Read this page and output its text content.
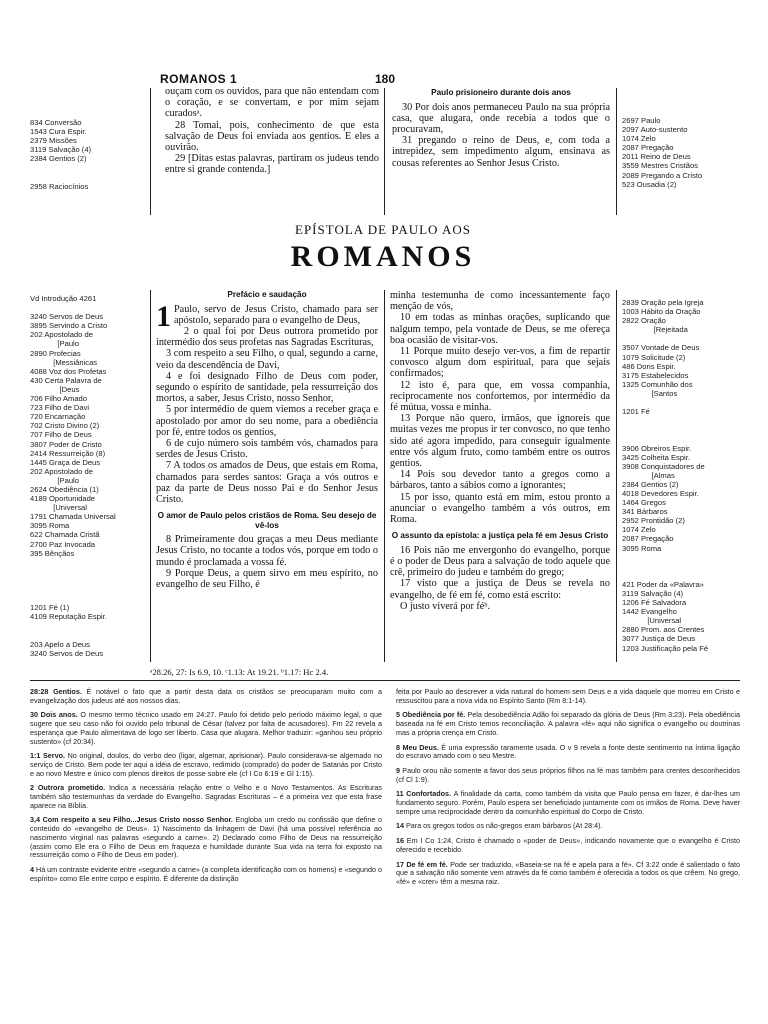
ROMANOS 1	180
834 Conversão
1543 Cura Espir.
2379 Missões
3119 Salvação (4)
2384 Gentios (2)
2958 Raciocínios

ouçam com os ouvidos, para que não entendam com o coração, e se convertam, e por mim sejam curadosᵃ.

28 Tomai, pois, conhecimento de que esta salvação de Deus foi enviada aos gentios. E eles a ouvirão.

29 [Ditas estas palavras, partiram os judeus tendo entre si grande contenda.]

Paulo prisioneiro durante dois anos

30 Por dois anos permaneceu Paulo na sua própria casa, que alugara, onde recebia a todos que o procuravam,

31 pregando o reino de Deus, e, com toda a intrepidez, sem impedimento algum, ensinava as cousas referentes ao Senhor Jesus Cristo.

2697 Paulo
2097 Auto-sustento
1074 Zelo
2087 Pregação
2011 Reino de Deus
3559 Mestres Cristãos
2089 Pregando a Cristo
523 Ousadia (2)
EPÍSTOLA DE PAULO AOS
ROMANOS
Vd Introdução 4261
3240 Servos de Deus
3895 Servindo a Cristo
202 Apostolado de
[Paulo
2890 Profecias
[Messiânicas
4088 Voz dos Profetas
430 Certa Palavra de
[Deus
706 Filho Amado
723 Filho de Davi
720 Encarnação
702 Cristo Divino (2)
707 Filho de Deus
3807 Poder de Cristo
2414 Ressurreição (8)
1445 Graça de Deus
202 Apostolado de
[Paulo
2624 Obediência (1)
4189 Oportunidade
[Universal
1791 Chamada Universal
3095 Roma
622 Chamada Cristã
2700 Paz Invocada
395 Bênçãos
1201 Fé (1)
4109 Reputação Espir.
203 Apelo a Deus
3240 Servos de Deus
Prefácio e saudação

1 Paulo, servo de Jesus Cristo, chamado para ser apóstolo, separado para o evangelho de Deus,

2 o qual foi por Deus outrora prometido por intermédio dos seus profetas nas Sagradas Escrituras,

3 com respeito a seu Filho, o qual, segundo a carne, veio da descendência de Davi,

4 e foi designado Filho de Deus com poder, segundo o espírito de santidade, pela ressurreição dos mortos, a saber, Jesus Cristo, nosso Senhor,

5 por intermédio de quem viemos a receber graça e apostolado por amor do seu nome, para a obediência por fé, entre todos os gentios,

6 de cujo número sois também vós, chamados para serdes de Jesus Cristo.

7 A todos os amados de Deus, que estais em Roma, chamados para serdes santos: Graça a vós outros e paz da parte de Deus nosso Pai e do Senhor Jesus Cristo.

O amor de Paulo pelos cristãos de Roma. Seu desejo de vê-los

8 Primeiramente dou graças a meu Deus mediante Jesus Cristo, no tocante a todos vós, porque em todo o mundo é proclamada a vossa fé.

9 Porque Deus, a quem sirvo em meu espírito, no evangelho de seu Filho, é

minha testemunha de como incessantemente faço menção de vós,

10 em todas as minhas orações, suplicando que nalgum tempo, pela vontade de Deus, se me ofereça boa ocasião de visitar-vos.

11 Porque muito desejo ver-vos, a fim de repartir convosco algum dom espiritual, para que sejais confirmados;

12 isto é, para que, em vossa companhia, reciprocamente nos confortemos, por intermédio da fé mútua, vossa e minha.

13 Porque não quero, irmãos, que ignoreis que muitas vezes me propus ir ter convosco, no que tenho sido até agora impedido, para conseguir igualmente entre vós algum fruto, como também entre os outros gentios.

14 Pois sou devedor tanto a gregos como a bárbaros, tanto a sábios como a ignorantes;

15 por isso, quanto está em mim, estou pronto a anunciar o evangelho também a vós outros, em Roma.

O assunto da epístola: a justiça pela fé em Jesus Cristo

16 Pois não me envergonho do evangelho, porque é o poder de Deus para a salvação de todo aquele que crê, primeiro do judeu e também do grego;

17 visto que a justiça de Deus se revela no evangelho, de fé em fé, como está escrito:

O justo viverá por féᵇ.

2839 Oração pela Igreja
1003 Hábito da Oração
2822 Oração
[Rejeitada
3507 Vontade de Deus
1079 Solicitude (2)
486 Dons Espir.
3175 Estabelecidos
1325 Comunhão dos
[Santos
1201 Fé
3906 Obreiros Espir.
3425 Colheita Espir.
3908 Conquistadores de
[Almas
2384 Gentios (2)
4018 Devedores Espir.
1464 Gregos
341 Bárbaros
2952 Prontidão (2)
1074 Zelo
2087 Pregação
3095 Roma
421 Poder da «Palavra»
3119 Salvação (4)
1206 Fé Salvadora
1442 Evangelho
[Universal
2880 Prom. aos Crentes
3077 Justiça de Deus
1203 Justificação pela Fé
ᵃ28.26, 27: Is 6.9, 10. ᶜ1.13: At 19.21. ᵇ1.17: Hc 2.4.

28:28 Gentios. É notável o fato que a partir desta data os cristãos se preocuparam muito com a evangelização dos judeus até aos nossos dias.

30 Dois anos. O mesmo termo técnico usado em 24:27. Paulo foi detido pelo período máximo legal, o que sugere que seu caso não foi ouvido pelo tribunal de César (talvez por falta de acusadores). Fm 22 revela a esperança que Paulo alimentava de logo ser liberto. Casa que alugara. Melhor traduzir: «ganhou seu próprio sustento» (cf 20:34).

1:1 Servo. No original, doulos, do verbo deo (ligar, algemar, aprisionar). Paulo considerava-se algemado no serviço de Cristo. Bem pode ter aqui a idéia de escravo, redimido (comprado) do poder de Satanás por Cristo e ao novo Mestre e único com plenos direitos de posse sobre ele (cf I Co 6:19 e Gl 1:15).

2 Outrora prometido. Indica a necessária relação entre o Velho e o Novo Testamentos. As Escrituras também são testemunhas da verdade do Evangelho. Sagradas Escrituras – é a primeira vez que esta frase aparece na Bíblia.

3,4 Com respeito a seu Filho...Jesus Cristo nosso Senhor. Engloba um credo ou confissão que define o conteúdo do «evangelho de Deus». 1) Nascimento da linhagem de Davi (há uma possível referência ao nascimento virginal nas palavras «segundo a carne». 2) Declarado como Filho de Deus na ressurreição (assim como Ele era o Filho de Deus em fraqueza e humildade durante Sua vida na terra foi exposto na ressurreição como o Filho de Deus em poder).

4 Há um contraste evidente entre «segundo a carne» (a completa identificação com os homens) e «segundo o espírito» como Ele entre corpo e espírito. É diferente da distinção

feita por Paulo ao descrever a vida natural do homem sem Deus e a vida daquele que morreu em Cristo e ressuscitou para a nova vida no Espírito Santo (Rm 8:1-14).

5 Obediência por fé. Pela desobediência Adão foi separado da glória de Deus (Rm 3:23). Pela obediência baseada na fé em Cristo temos reconciliação. A palavra «fé» aqui não significa o evangelho ou doutrinas mas a própria crença em Cristo.

8 Meu Deus. É uma expressão raramente usada. O v 9 revela a fonte deste sentimento na íntima ligação do escravo amado com o seu Mestre.

9 Paulo orou não somente a favor dos seus próprios filhos na fé mas também para crentes desconhecidos (cf Cl 1:9).

11 Confortados. A finalidade da carta, como também da visita que Paulo pensa em fazer, é dar-lhes um fundamento seguro. Porém, Paulo espera ser beneficiado juntamente com os irmãos de Roma. Deve haver sempre uma reciprocidade dentro da comunhão espiritual do Corpo de Cristo.

14 Para os gregos todos os não-gregos eram bárbaros (At 28:4).

16 Em I Co 1:24, Cristo é chamado o «poder de Deus», indicando novamente que o evangelho é Cristo oferecido e recebido.

17 De fé em fé. Pode ser traduzido, «Baseia-se na fé e apela para a fé». Cf 3:22 onde é salientado o fato que a salvação não somente vem através da fé como também é oferecida a todos os que crêem. No grego, «fé» e «crer» têm a mesma raiz.
